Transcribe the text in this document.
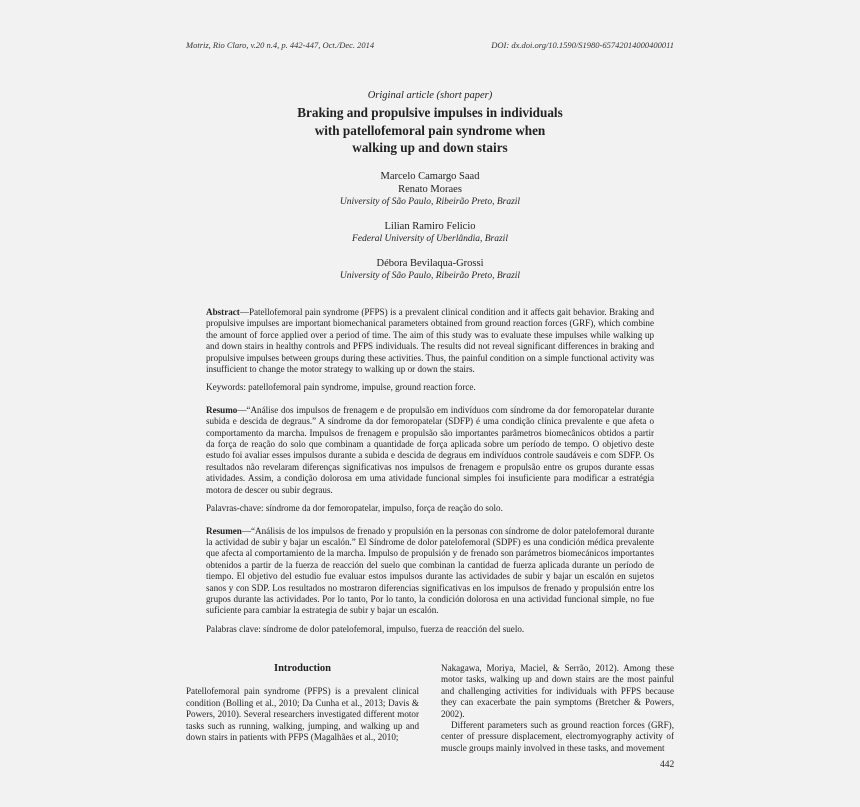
Motriz, Rio Claro, v.20 n.4, p. 442-447, Oct./Dec. 2014	DOI: dx.doi.org/10.1590/S1980-65742014000400011
Original article (short paper)
Braking and propulsive impulses in individuals
with patellofemoral pain syndrome when
walking up and down stairs
Marcelo Camargo Saad
Renato Moraes
University of São Paulo, Ribeirão Preto, Brazil
Lilian Ramiro Felicio
Federal University of Uberlândia, Brazil
Débora Bevilaqua-Grossi
University of São Paulo, Ribeirão Preto, Brazil

Abstract—Patellofemoral pain syndrome (PFPS) is a prevalent clinical condition and it affects gait behavior. Braking and propulsive impulses are important biomechanical parameters obtained from ground reaction forces (GRF), which combine the amount of force applied over a period of time. The aim of this study was to evaluate these impulses while walking up and down stairs in healthy controls and PFPS individuals. The results did not reveal significant differences in braking and propulsive impulses between groups during these activities. Thus, the painful condition on a simple functional activity was insufficient to change the motor strategy to walking up or down the stairs.

Keywords: patellofemoral pain syndrome, impulse, ground reaction force.

Resumo—“Análise dos impulsos de frenagem e de propulsão em indivíduos com síndrome da dor femoropatelar durante subida e descida de degraus.” A síndrome da dor femoropatelar (SDFP) é uma condição clínica prevalente e que afeta o comportamento da marcha. Impulsos de frenagem e propulsão são importantes parâmetros biomecânicos obtidos a partir da força de reação do solo que combinam a quantidade de força aplicada sobre um período de tempo. O objetivo deste estudo foi avaliar esses impulsos durante a subida e descida de degraus em indivíduos controle saudáveis e com SDFP. Os resultados não revelaram diferenças significativas nos impulsos de frenagem e propulsão entre os grupos durante essas atividades. Assim, a condição dolorosa em uma atividade funcional simples foi insuficiente para modificar a estratégia motora de descer ou subir degraus.

Palavras-chave: síndrome da dor femoropatelar, impulso, força de reação do solo.

Resumen—“Análisis de los impulsos de frenado y propulsión en la personas con síndrome de dolor patelofemoral durante la actividad de subir y bajar un escalón.” El Síndrome de dolor patelofemoral (SDPF) es una condición médica prevalente que afecta al comportamiento de la marcha. Impulso de propulsión y de frenado son parámetros biomecánicos importantes obtenidos a partir de la fuerza de reacción del suelo que combinan la cantidad de fuerza aplicada durante un período de tiempo. El objetivo del estudio fue evaluar estos impulsos durante las actividades de subir y bajar un escalón en sujetos sanos y con SDP. Los resultados no mostraron diferencias significativas en los impulsos de frenado y propulsión entre los grupos durante las actividades. Por lo tanto, Por lo tanto, la condición dolorosa en una actividad funcional simple, no fue suficiente para cambiar la estrategia de subir y bajar un escalón.

Palabras clave: síndrome de dolor patelofemoral, impulso, fuerza de reacción del suelo.

Introduction

Patellofemoral pain syndrome (PFPS) is a prevalent clinical condition (Bolling et al., 2010; Da Cunha et al., 2013; Davis & Powers, 2010). Several researchers investigated different motor tasks such as running, walking, jumping, and walking up and down stairs in patients with PFPS (Magalhães et al., 2010;

Nakagawa, Moriya, Maciel, & Serrão, 2012). Among these motor tasks, walking up and down stairs are the most painful and challenging activities for individuals with PFPS because they can exacerbate the pain symptoms (Bretcher & Powers, 2002).

Different parameters such as ground reaction forces (GRF), center of pressure displacement, electromyography activity of muscle groups mainly involved in these tasks, and movement

442
